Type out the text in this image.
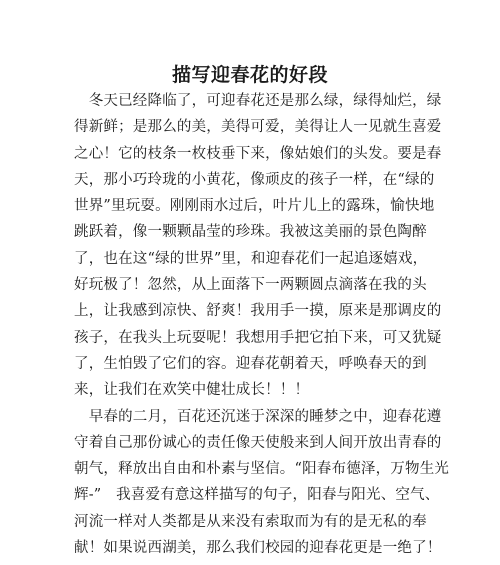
描写迎春花的好段
　冬天已经降临了，可迎春花还是那么绿，绿得灿烂，绿
得新鲜；是那么的美，美得可爱，美得让人一见就生喜爱
之心！它的枝条一枚枝垂下来，像姑娘们的头发。要是春
天，那小巧玲珑的小黄花，像顽皮的孩子一样，在“绿的
世界”里玩耍。刚刚雨水过后，叶片儿上的露珠，愉快地
跳跃着，像一颗颗晶莹的珍珠。我被这美丽的景色陶醉
了，也在这“绿的世界”里，和迎春花们一起追逐嬉戏，
好玩极了！忽然，从上面落下一两颗圆点滴落在我的头
上，让我感到凉快、舒爽！我用手一摸，原来是那调皮的
孩子，在我头上玩耍呢！我想用手把它拍下来，可又犹疑
了，生怕毁了它们的容。迎春花朝着天，呼唤春天的到
来，让我们在欢笑中健壮成长！！！
　早春的二月，百花还沉迷于深深的睡梦之中，迎春花遵
守着自己那份诚心的责任像天使般来到人间开放出青春的
朝气，释放出自由和朴素与坚信。“阳春布德泽，万物生光
辉-”　我喜爱有意这样描写的句子，阳春与阳光、空气、
河流一样对人类都是从来没有索取而为有的是无私的奉
献！如果说西湖美，那么我们校园的迎春花更是一绝了！
